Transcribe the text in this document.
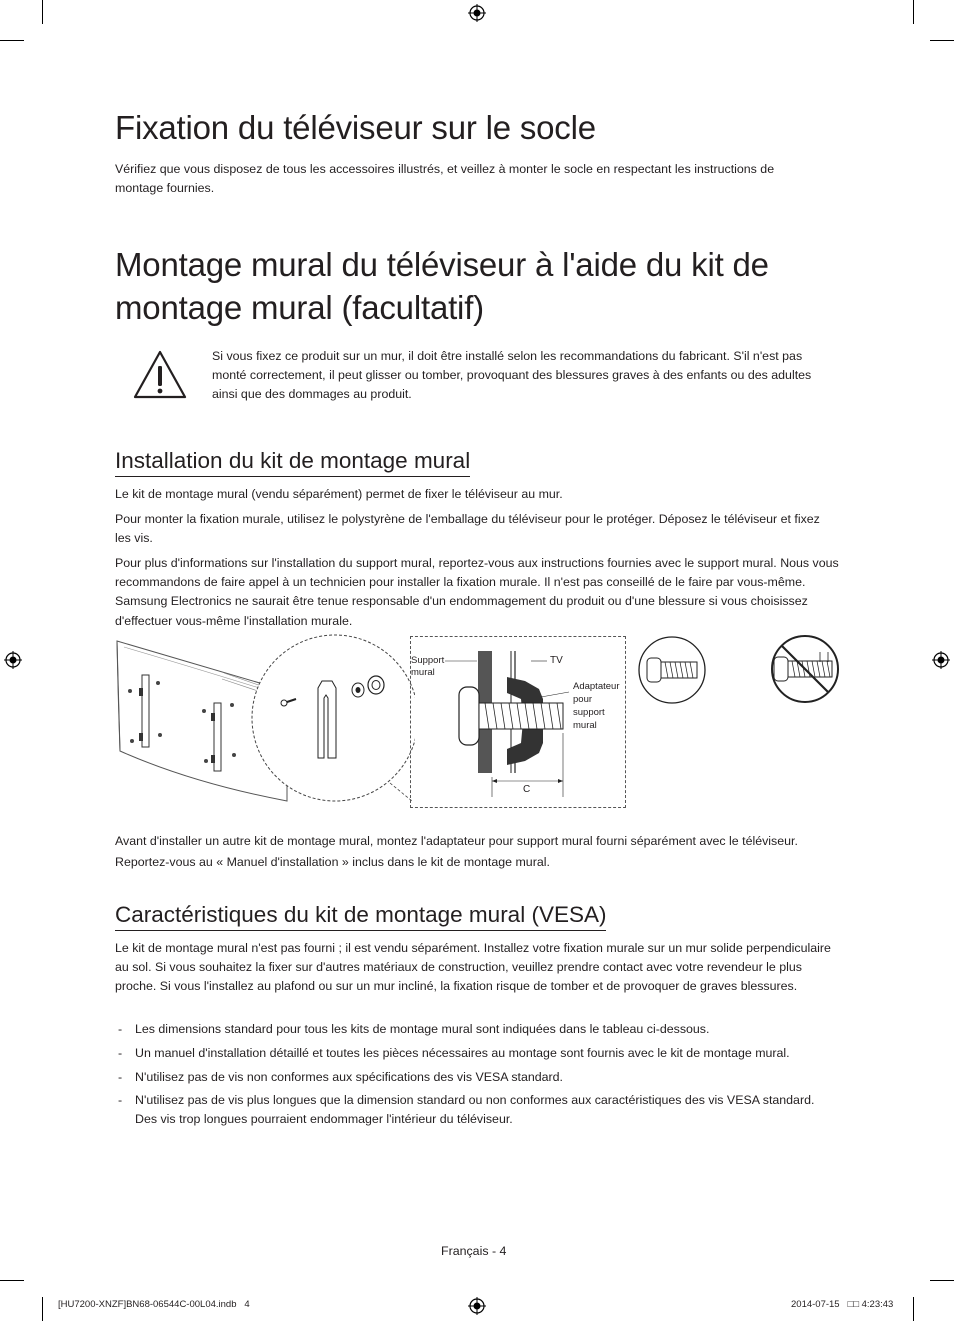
Fixation du téléviseur sur le socle

Vérifiez que vous disposez de tous les accessoires illustrés, et veillez à monter le socle en respectant les instructions de montage fournies.

Montage mural du téléviseur à l'aide du kit de montage mural (facultatif)

Si vous fixez ce produit sur un mur, il doit être installé selon les recommandations du fabricant. S'il n'est pas monté correctement, il peut glisser ou tomber, provoquant des blessures graves à des enfants ou des adultes ainsi que des dommages au produit.

Installation du kit de montage mural

Le kit de montage mural (vendu séparément) permet de fixer le téléviseur au mur.

Pour monter la fixation murale, utilisez le polystyrène de l'emballage du téléviseur pour le protéger. Déposez le téléviseur et fixez les vis.

Pour plus d'informations sur l'installation du support mural, reportez-vous aux instructions fournies avec le support mural. Nous vous recommandons de faire appel à un technicien pour installer la fixation murale. Il n'est pas conseillé de le faire par vous-même. Samsung Electronics ne saurait être tenue responsable d'un endommagement du produit ou d'une blessure si vous choisissez d'effectuer vous-même l'installation murale.

Support
mural
TV
Adaptateur
pour
support
mural
C

Avant d'installer un autre kit de montage mural, montez l'adaptateur pour support mural fourni séparément avec le téléviseur. Reportez-vous au « Manuel d'installation » inclus dans le kit de montage mural.

Caractéristiques du kit de montage mural (VESA)

Le kit de montage mural n'est pas fourni ; il est vendu séparément. Installez votre fixation murale sur un mur solide perpendiculaire au sol. Si vous souhaitez la fixer sur d'autres matériaux de construction, veuillez prendre contact avec votre revendeur le plus proche. Si vous l'installez au plafond ou sur un mur incliné, la fixation risque de tomber et de provoquer de graves blessures.

- Les dimensions standard pour tous les kits de montage mural sont indiquées dans le tableau ci-dessous.
- Un manuel d'installation détaillé et toutes les pièces nécessaires au montage sont fournis avec le kit de montage mural.
- N'utilisez pas de vis non conformes aux spécifications des vis VESA standard.
- N'utilisez pas de vis plus longues que la dimension standard ou non conformes aux caractéristiques des vis VESA standard. Des vis trop longues pourraient endommager l'intérieur du téléviseur.
Français - 4
[HU7200-XNZF]BN68-06544C-00L04.indb   4	2014-07-15   □□ 4:23:43
